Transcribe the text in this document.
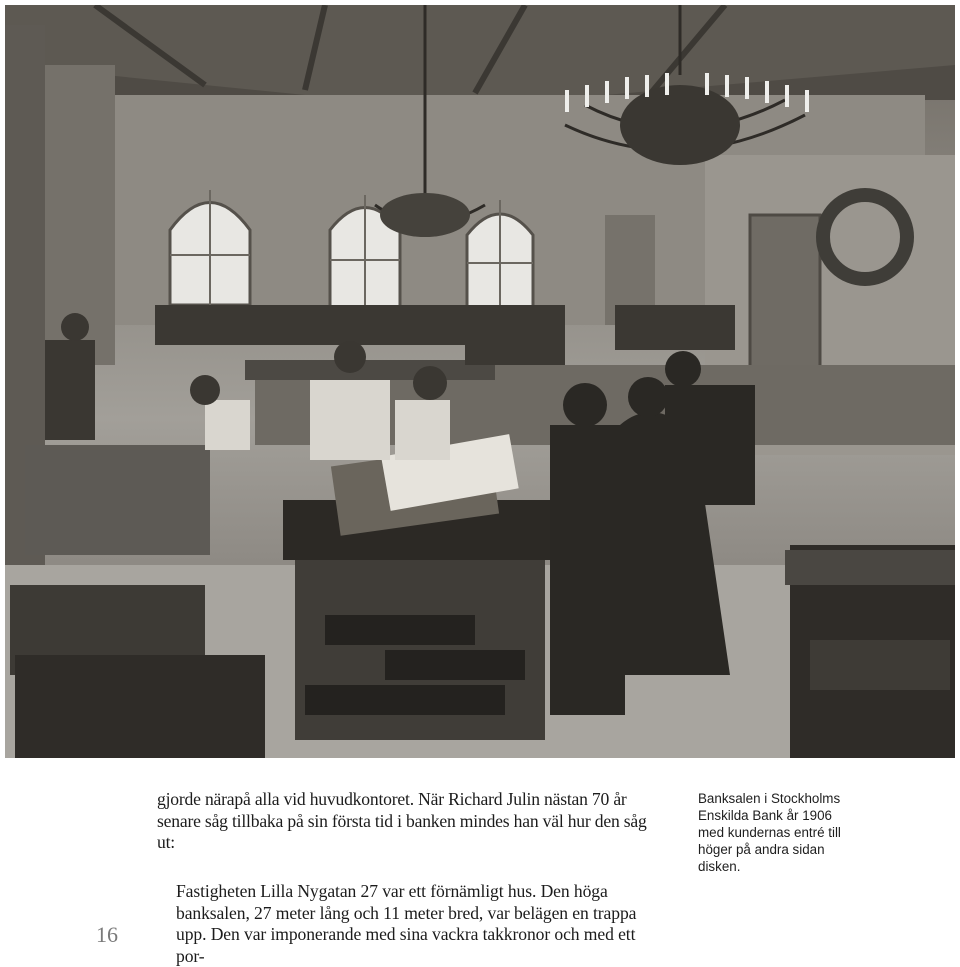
gjorde närapå alla vid huvudkontoret. När Richard Julin nästan 70 år senare såg tillbaka på sin första tid i banken mindes han väl hur den såg ut:

Fastigheten Lilla Nygatan 27 var ett förnämligt hus. Den höga banksalen, 27 meter lång och 11 meter bred, var belägen en trappa upp. Den var imponerande med sina vackra takkronor och med ett por-

Banksalen i Stockholms Enskilda Bank år 1906 med kundernas entré till höger på andra sidan disken.
16
